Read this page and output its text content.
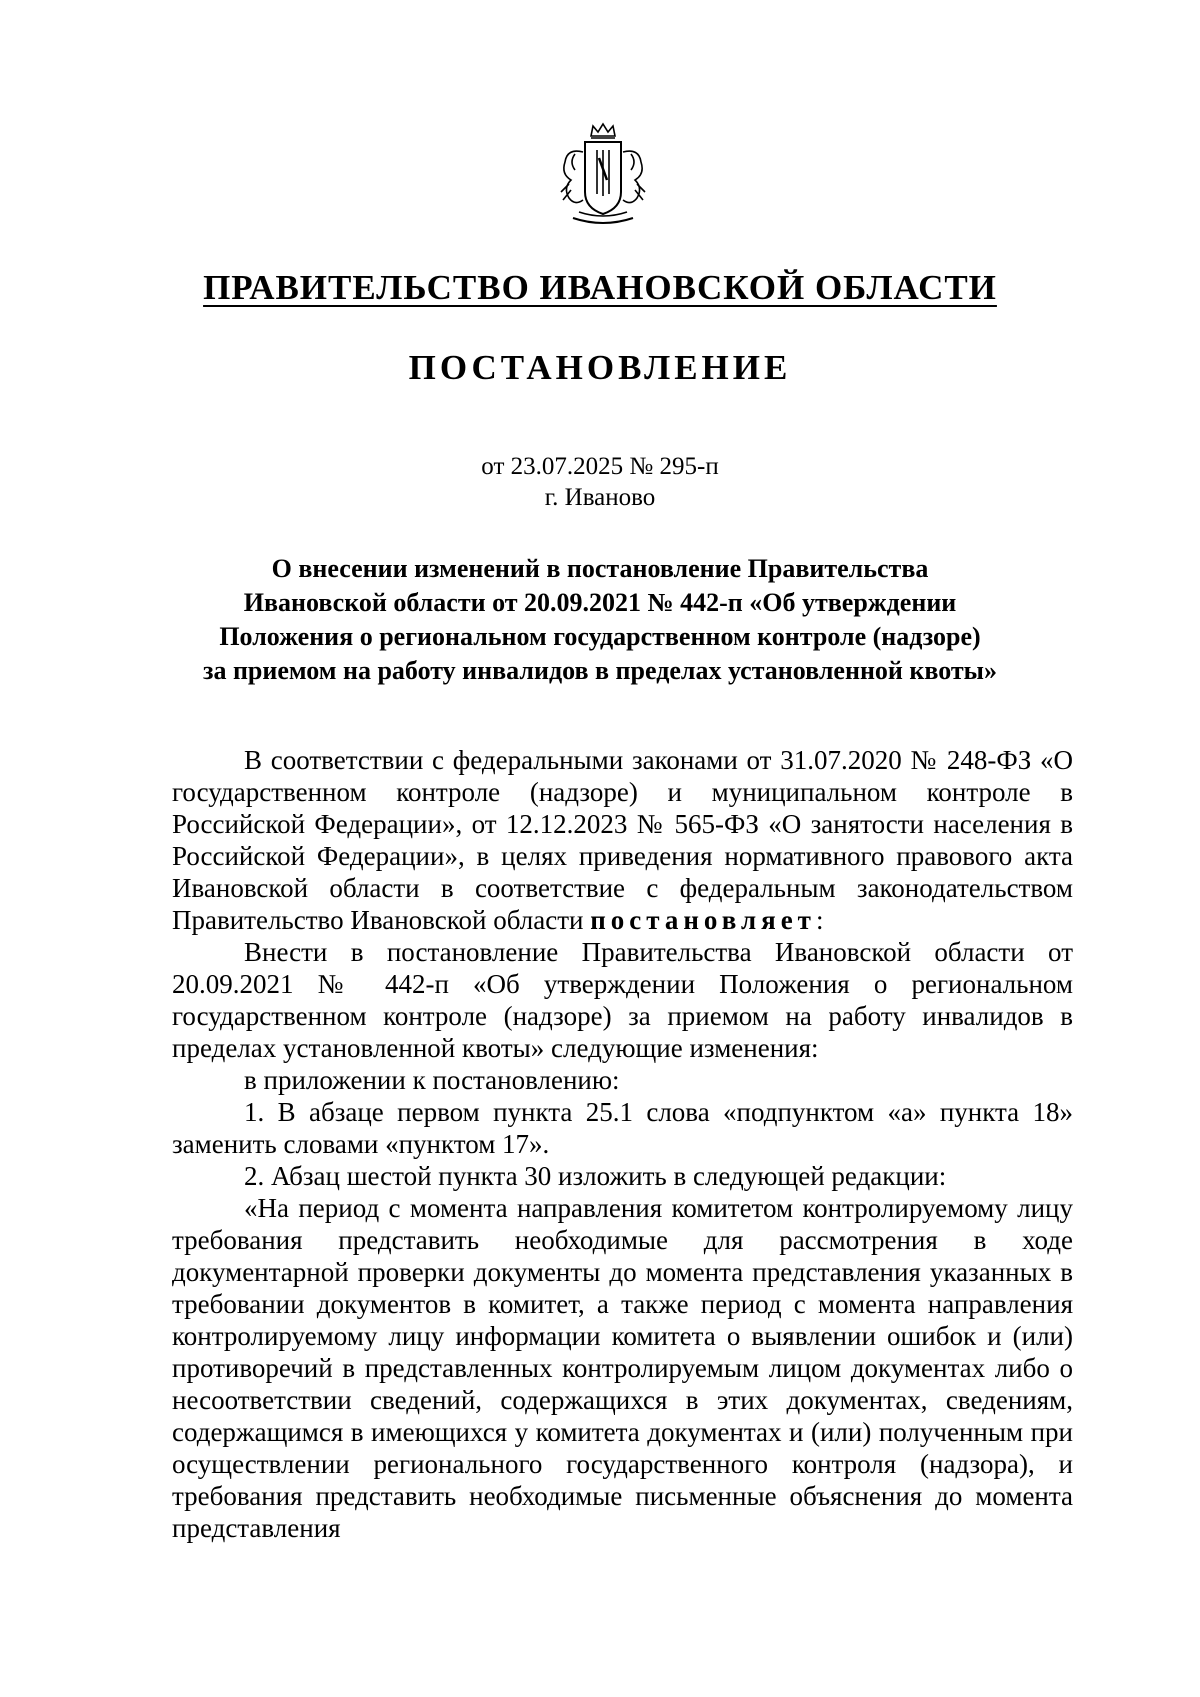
ПРАВИТЕЛЬСТВО ИВАНОВСКОЙ ОБЛАСТИ
ПОСТАНОВЛЕНИЕ
от 23.07.2025 № 295-п
г. Иваново
О внесении изменений в постановление Правительства
Ивановской области от 20.09.2021 № 442-п «Об утверждении
Положения о региональном государственном контроле (надзоре)
за приемом на работу инвалидов в пределах установленной квоты»

В соответствии с федеральными законами от 31.07.2020 № 248-ФЗ «О государственном контроле (надзоре) и муниципальном контроле в Российской Федерации», от 12.12.2023 № 565-ФЗ «О занятости населения в Российской Федерации», в целях приведения нормативного правового акта Ивановской области в соответствие с федеральным законодательством Правительство Ивановской области постановляет:

Внести в постановление Правительства Ивановской области от 20.09.2021 № 442-п «Об утверждении Положения о региональном государственном контроле (надзоре) за приемом на работу инвалидов в пределах установленной квоты» следующие изменения:

в приложении к постановлению:

1. В абзаце первом пункта 25.1 слова «подпунктом «а» пункта 18» заменить словами «пунктом 17».

2. Абзац шестой пункта 30 изложить в следующей редакции:

«На период с момента направления комитетом контролируемому лицу требования представить необходимые для рассмотрения в ходе документарной проверки документы до момента представления указанных в требовании документов в комитет, а также период с момента направления контролируемому лицу информации комитета о выявлении ошибок и (или) противоречий в представленных контролируемым лицом документах либо о несоответствии сведений, содержащихся в этих документах, сведениям, содержащимся в имеющихся у комитета документах и (или) полученным при осуществлении регионального государственного контроля (надзора), и требования представить необходимые письменные объяснения до момента представления
